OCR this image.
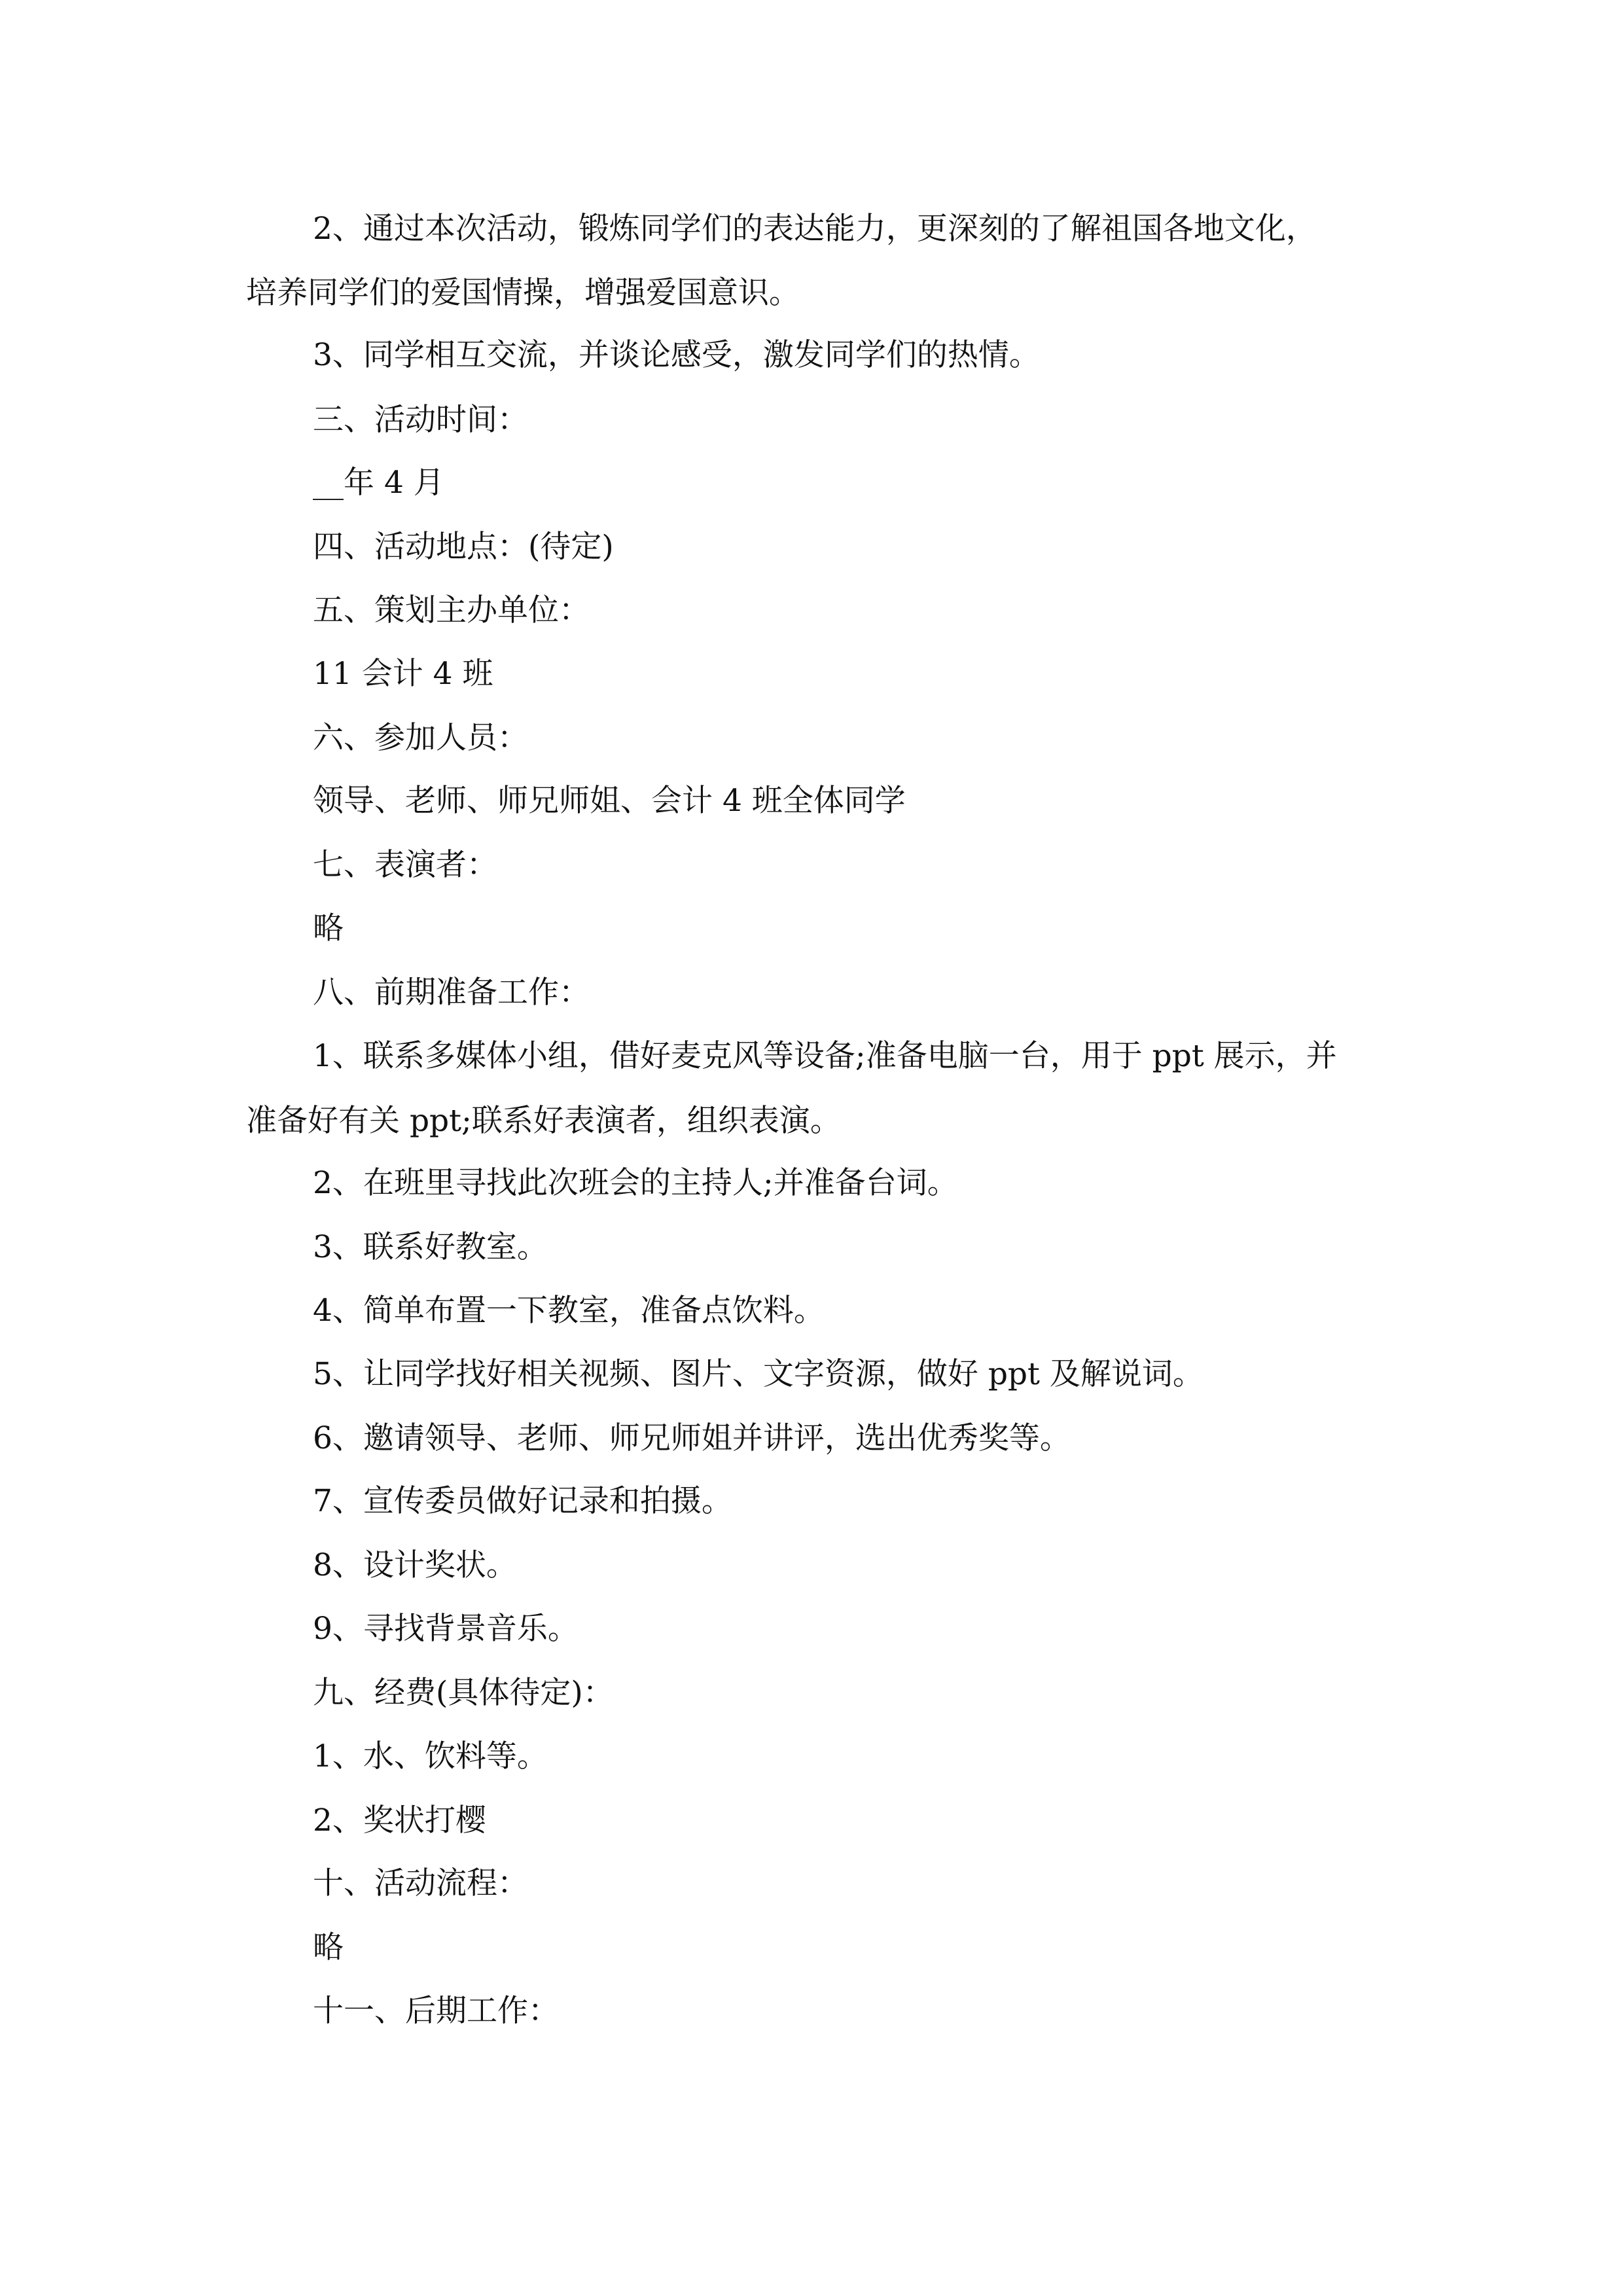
2、通过本次活动，锻炼同学们的表达能力，更深刻的了解祖国各地文化，
培养同学们的爱国情操，增强爱国意识。
3、同学相互交流，并谈论感受，激发同学们的热情。
三、活动时间：
__年 4 月
四、活动地点：(待定)
五、策划主办单位：
11 会计 4 班
六、参加人员：
领导、老师、师兄师姐、会计 4 班全体同学
七、表演者：
略
八、前期准备工作：
1、联系多媒体小组，借好麦克风等设备;准备电脑一台，用于 ppt 展示，并
准备好有关 ppt;联系好表演者，组织表演。
2、在班里寻找此次班会的主持人;并准备台词。
3、联系好教室。
4、简单布置一下教室，准备点饮料。
5、让同学找好相关视频、图片、文字资源，做好 ppt 及解说词。
6、邀请领导、老师、师兄师姐并讲评，选出优秀奖等。
7、宣传委员做好记录和拍摄。
8、设计奖状。
9、寻找背景音乐。
九、经费(具体待定)：
1、水、饮料等。
2、奖状打樱
十、活动流程：
略
十一、后期工作：
